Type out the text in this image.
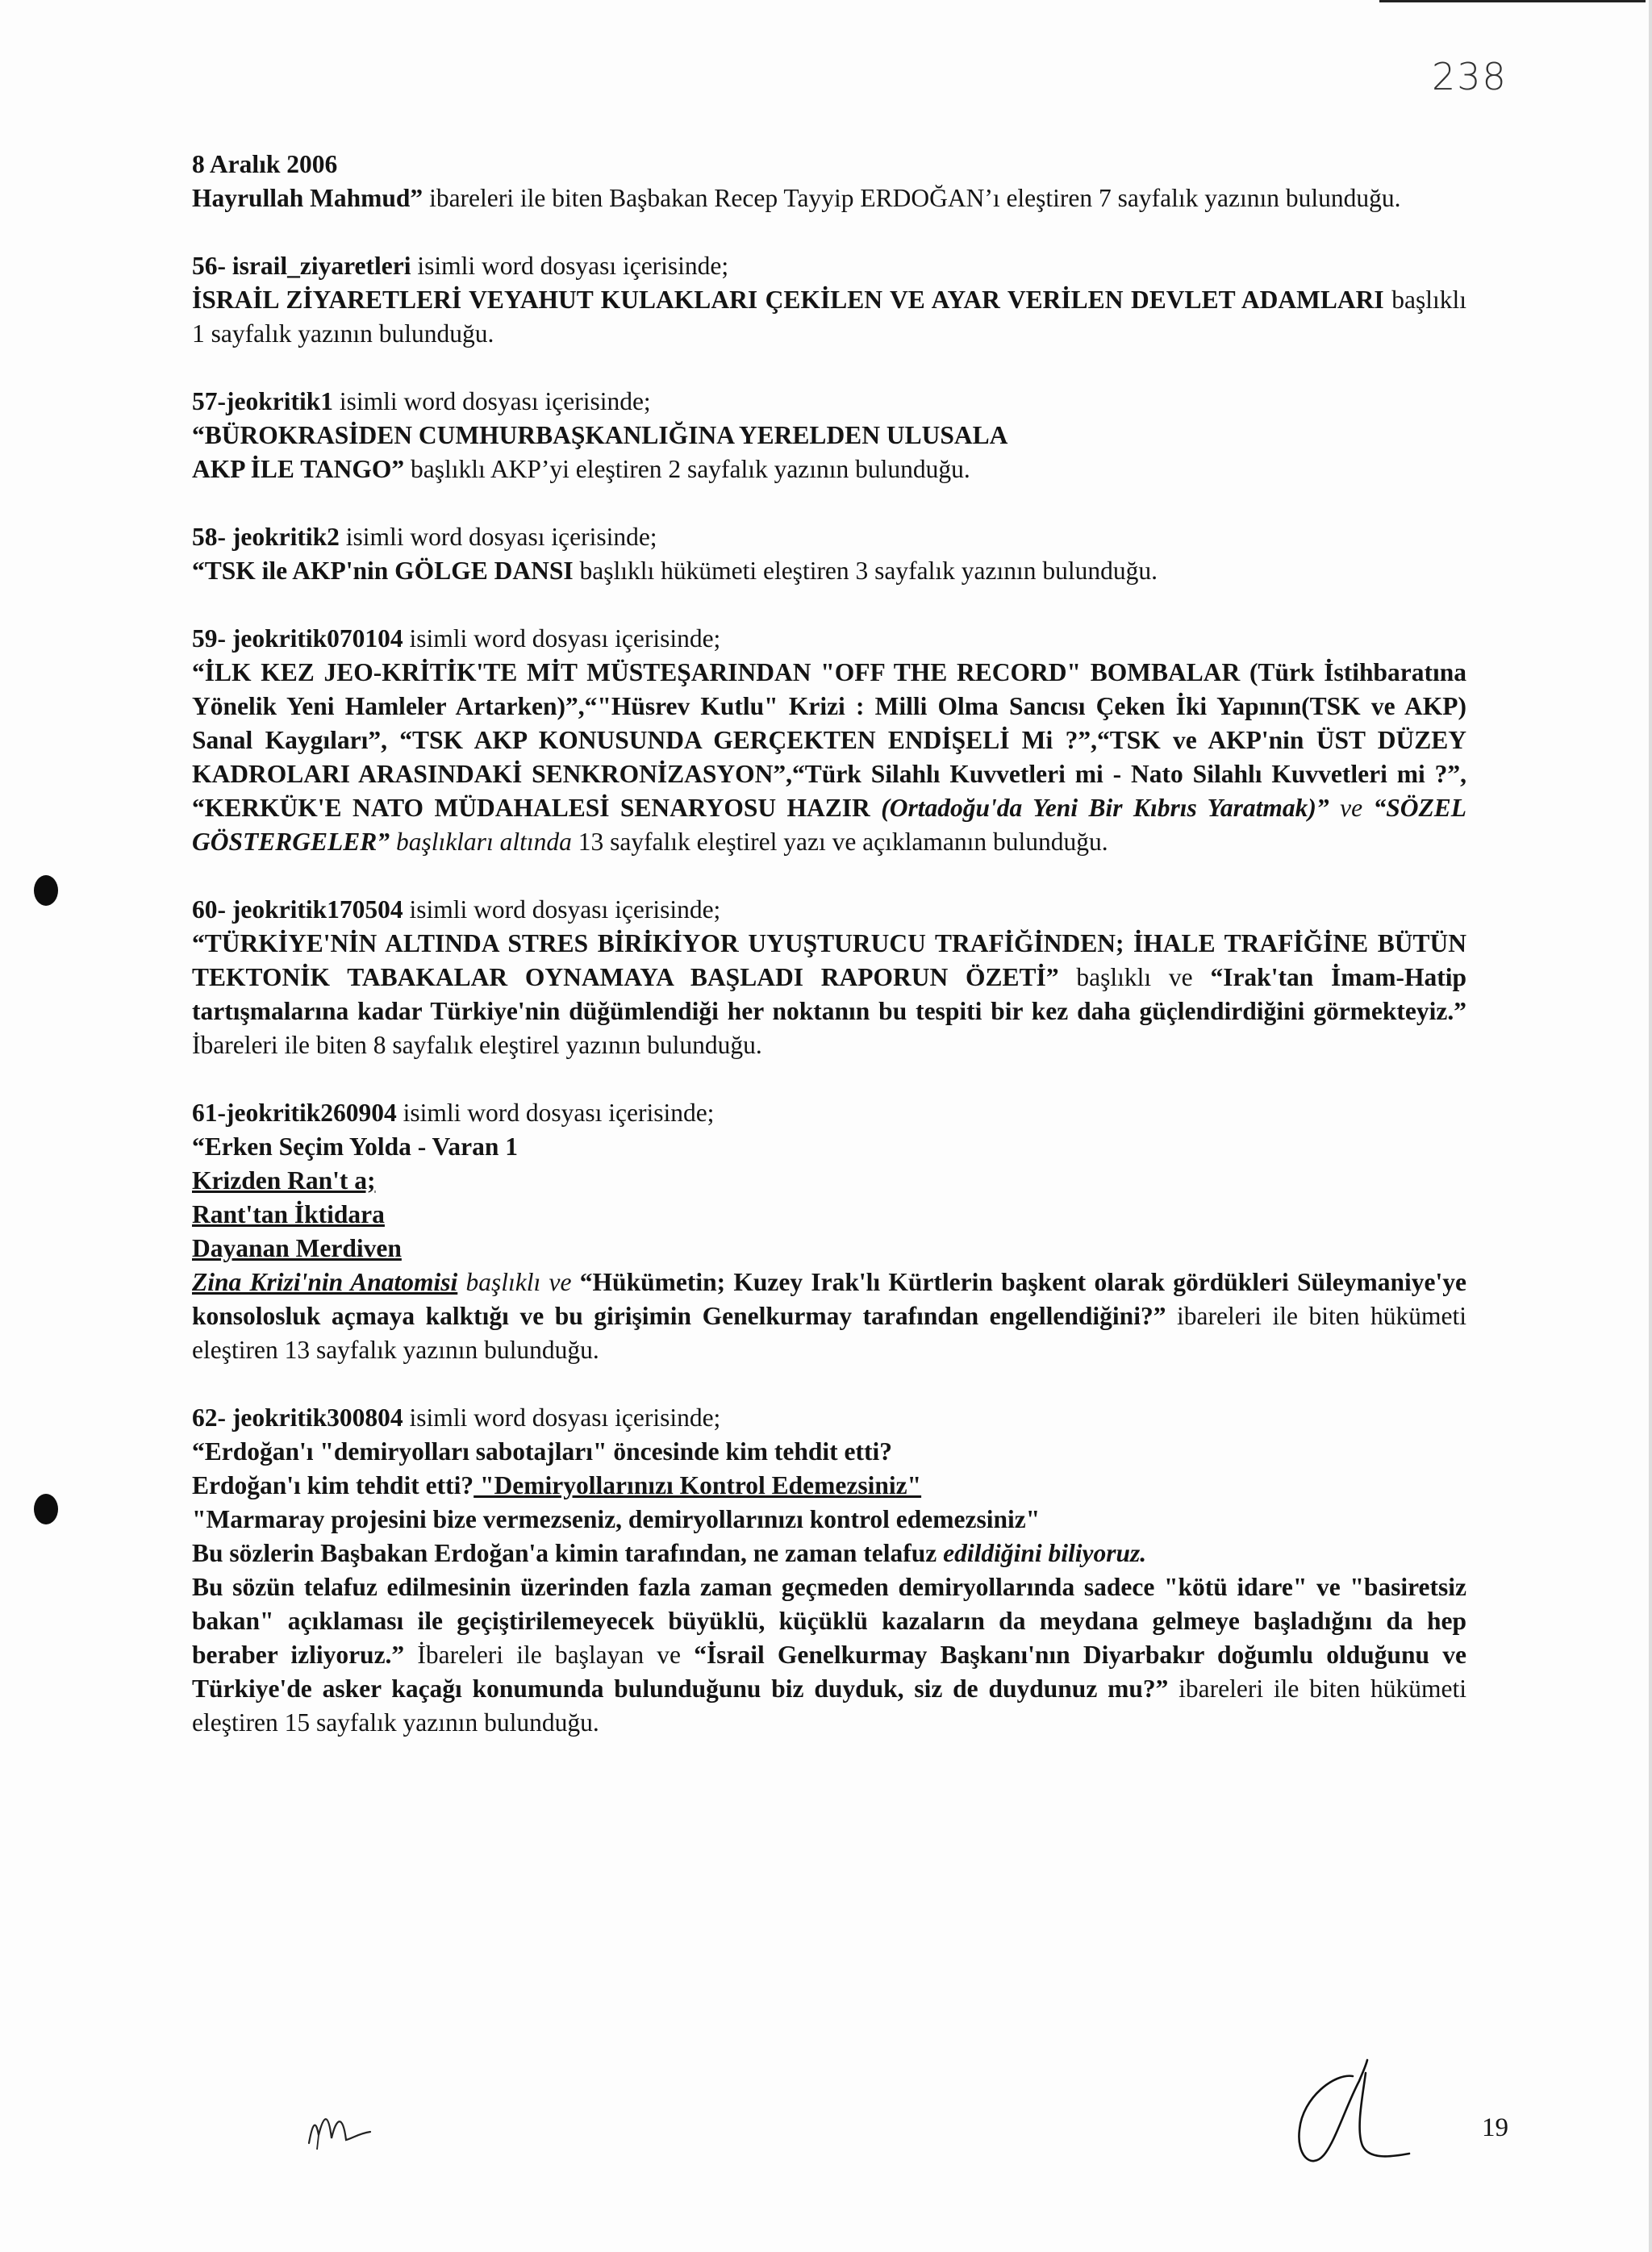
238

8 Aralık 2006

Hayrullah Mahmud” ibareleri ile biten Başbakan Recep Tayyip ERDOĞAN’ı eleştiren 7 sayfalık yazının bulunduğu.

56- israil_ziyaretleri isimli word dosyası içerisinde;

İSRAİL ZİYARETLERİ VEYAHUT KULAKLARI ÇEKİLEN VE AYAR VERİLEN DEVLET ADAMLARI başlıklı 1 sayfalık yazının bulunduğu.

57-jeokritik1 isimli word dosyası içerisinde;

“BÜROKRASİDEN CUMHURBAŞKANLIĞINA YERELDEN ULUSALA

AKP İLE TANGO” başlıklı AKP’yi eleştiren 2 sayfalık yazının bulunduğu.

58- jeokritik2 isimli word dosyası içerisinde;

“TSK ile AKP'nin GÖLGE DANSI başlıklı hükümeti eleştiren 3 sayfalık yazının bulunduğu.

59- jeokritik070104 isimli word dosyası içerisinde;

“İLK KEZ JEO-KRİTİK'TE MİT MÜSTEŞARINDAN "OFF THE RECORD" BOMBALAR (Türk İstihbaratına Yönelik Yeni Hamleler Artarken)”,“"Hüsrev Kutlu" Krizi : Milli Olma Sancısı Çeken İki Yapının(TSK ve AKP) Sanal Kaygıları”, “TSK AKP KONUSUNDA GERÇEKTEN ENDİŞELİ Mi ?”,“TSK ve AKP'nin ÜST DÜZEY KADROLARI ARASINDAKİ SENKRONİZASYON”,“Türk Silahlı Kuvvetleri mi - Nato Silahlı Kuvvetleri mi ?”, “KERKÜK'E NATO MÜDAHALESİ SENARYOSU HAZIR (Ortadoğu'da Yeni Bir Kıbrıs Yaratmak)” ve “SÖZEL GÖSTERGELER” başlıkları altında 13 sayfalık eleştirel yazı ve açıklamanın bulunduğu.

60- jeokritik170504 isimli word dosyası içerisinde;

“TÜRKİYE'NİN ALTINDA STRES BİRİKİYOR UYUŞTURUCU TRAFİĞİNDEN; İHALE TRAFİĞİNE BÜTÜN TEKTONİK TABAKALAR OYNAMAYA BAŞLADI RAPORUN ÖZETİ” başlıklı ve “Irak'tan İmam-Hatip tartışmalarına kadar Türkiye'nin düğümlendiği her noktanın bu tespiti bir kez daha güçlendirdiğini görmekteyiz.” İbareleri ile biten 8 sayfalık eleştirel yazının bulunduğu.

61-jeokritik260904 isimli word dosyası içerisinde;

“Erken Seçim Yolda - Varan 1

Krizden Ran't a;

Rant'tan İktidara

Dayanan Merdiven

Zina Krizi'nin Anatomisi başlıklı ve “Hükümetin; Kuzey Irak'lı Kürtlerin başkent olarak gördükleri Süleymaniye'ye konsolosluk açmaya kalktığı ve bu girişimin Genelkurmay tarafından engellendiğini?” ibareleri ile biten hükümeti eleştiren 13 sayfalık yazının bulunduğu.

62- jeokritik300804 isimli word dosyası içerisinde;

“Erdoğan'ı "demiryolları sabotajları" öncesinde kim tehdit etti?

Erdoğan'ı kim tehdit etti? "Demiryollarınızı Kontrol Edemezsiniz"

"Marmaray projesini bize vermezseniz, demiryollarınızı kontrol edemezsiniz"

Bu sözlerin Başbakan Erdoğan'a kimin tarafından, ne zaman telafuz edildiğini biliyoruz.

Bu sözün telafuz edilmesinin üzerinden fazla zaman geçmeden demiryollarında sadece "kötü idare" ve "basiretsiz bakan" açıklaması ile geçiştirilemeyecek büyüklü, küçüklü kazaların da meydana gelmeye başladığını da hep beraber izliyoruz.” İbareleri ile başlayan ve “İsrail Genelkurmay Başkanı'nın Diyarbakır doğumlu olduğunu ve Türkiye'de asker kaçağı konumunda bulunduğunu biz duyduk, siz de duydunuz mu?” ibareleri ile biten hükümeti eleştiren 15 sayfalık yazının bulunduğu.

19
